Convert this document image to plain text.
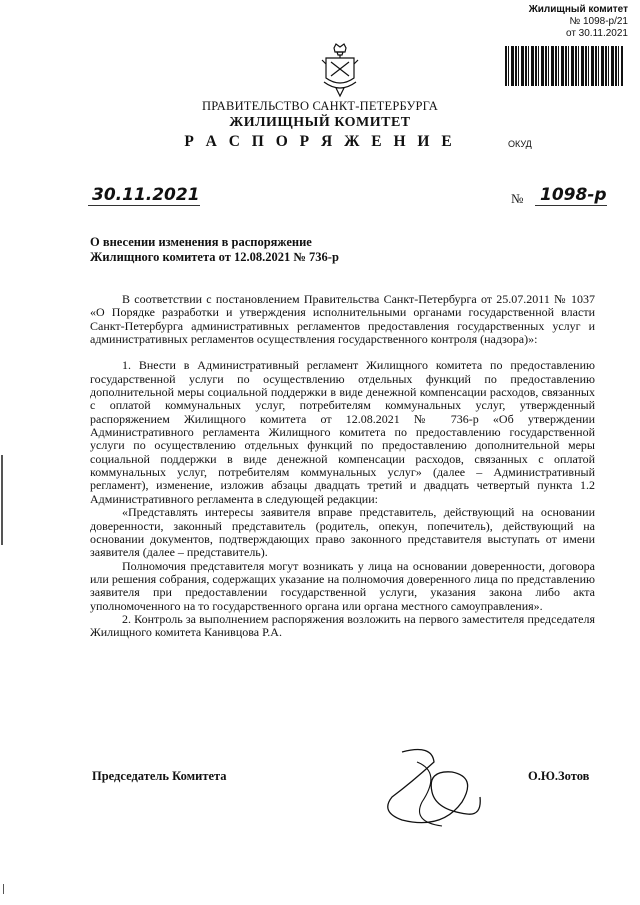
Жилищный комитет
№ 1098-р/21
от 30.11.2021
ПРАВИТЕЛЬСТВО САНКТ-ПЕТЕРБУРГА
ЖИЛИЩНЫЙ КОМИТЕТ
Р А С П О Р Я Ж Е Н И Е	ОКУД
30.11.2021	№ 1098-р
О внесении изменения в распоряжение
Жилищного комитета от 12.08.2021 № 736-р

В соответствии с постановлением Правительства Санкт-Петербурга от 25.07.2011 № 1037 «О Порядке разработки и утверждения исполнительными органами государственной власти Санкт-Петербурга административных регламентов предоставления государственных услуг и административных регламентов осуществления государственного контроля (надзора)»:

1. Внести в Административный регламент Жилищного комитета по предоставлению государственной услуги по осуществлению отдельных функций по предоставлению дополнительной меры социальной поддержки в виде денежной компенсации расходов, связанных с оплатой коммунальных услуг, потребителям коммунальных услуг, утвержденный распоряжением Жилищного комитета от 12.08.2021 № 736-р «Об утверждении Административного регламента Жилищного комитета по предоставлению государственной услуги по осуществлению отдельных функций по предоставлению дополнительной меры социальной поддержки в виде денежной компенсации расходов, связанных с оплатой коммунальных услуг, потребителям коммунальных услуг» (далее – Административный регламент), изменение, изложив абзацы двадцать третий и двадцать четвертый пункта 1.2 Административного регламента в следующей редакции:

«Представлять интересы заявителя вправе представитель, действующий на основании доверенности, законный представитель (родитель, опекун, попечитель), действующий на основании документов, подтверждающих право законного представителя выступать от имени заявителя (далее – представитель).

Полномочия представителя могут возникать у лица на основании доверенности, договора или решения собрания, содержащих указание на полномочия доверенного лица по представлению заявителя при предоставлении государственной услуги, указания закона либо акта уполномоченного на то государственного органа или органа местного самоуправления».

2. Контроль за выполнением распоряжения возложить на первого заместителя председателя Жилищного комитета Канивцова Р.А.

Председатель Комитета	О.Ю.Зотов
